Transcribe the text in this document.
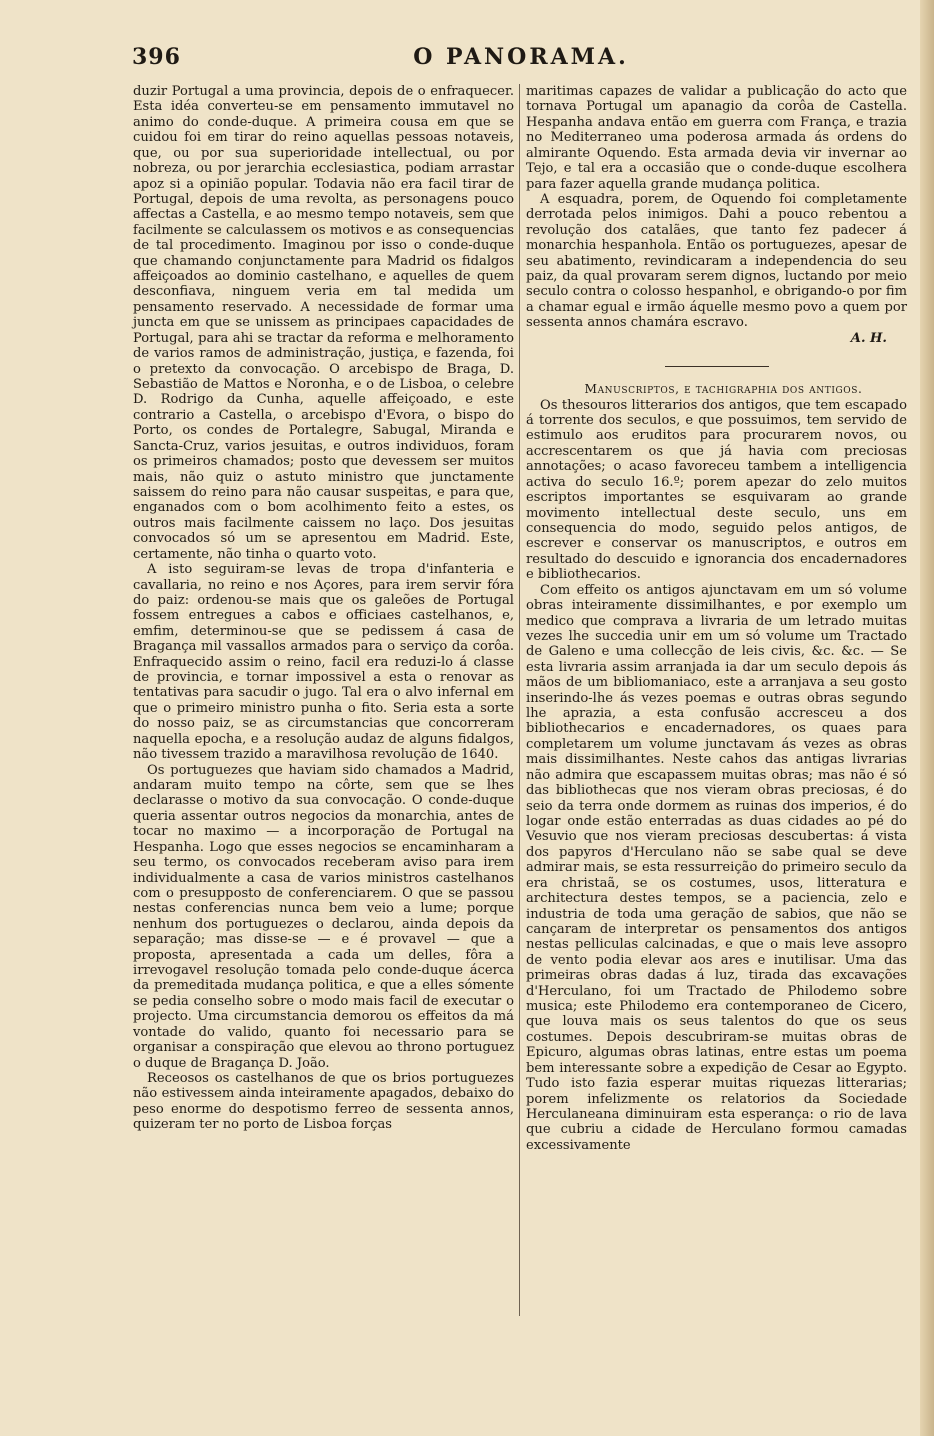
396	O PANORAMA.

duzir Portugal a uma provincia, depois de o enfraquecer. Esta idéa converteu-se em pensamento immutavel no animo do conde-duque. A primeira cousa em que se cuidou foi em tirar do reino aquellas pessoas notaveis, que, ou por sua superioridade intellectual, ou por nobreza, ou por jerarchia ecclesiastica, podiam arrastar apoz si a opinião popular. Todavia não era facil tirar de Portugal, depois de uma revolta, as personagens pouco affectas a Castella, e ao mesmo tempo notaveis, sem que facilmente se calculassem os motivos e as consequencias de tal procedimento. Imaginou por isso o conde-duque que chamando conjunctamente para Madrid os fidalgos affeiçoados ao dominio castelhano, e aquelles de quem desconfiava, ninguem veria em tal medida um pensamento reservado. A necessidade de formar uma juncta em que se unissem as principaes capacidades de Portugal, para ahi se tractar da reforma e melhoramento de varios ramos de administração, justiça, e fazenda, foi o pretexto da convocação. O arcebispo de Braga, D. Sebastião de Mattos e Noronha, e o de Lisboa, o celebre D. Rodrigo da Cunha, aquelle affeiçoado, e este contrario a Castella, o arcebispo d'Evora, o bispo do Porto, os condes de Portalegre, Sabugal, Miranda e Sancta-Cruz, varios jesuitas, e outros individuos, foram os primeiros chamados; posto que devessem ser muitos mais, não quiz o astuto ministro que junctamente saissem do reino para não causar suspeitas, e para que, enganados com o bom acolhimento feito a estes, os outros mais facilmente caissem no laço. Dos jesuitas convocados só um se apresentou em Madrid. Este, certamente, não tinha o quarto voto.

A isto seguiram-se levas de tropa d'infanteria e cavallaria, no reino e nos Açores, para irem servir fóra do paiz: ordenou-se mais que os galeões de Portugal fossem entregues a cabos e officiaes castelhanos, e, emfim, determinou-se que se pedissem á casa de Bragança mil vassallos armados para o serviço da corôa. Enfraquecido assim o reino, facil era reduzi-lo á classe de provincia, e tornar impossivel a esta o renovar as tentativas para sacudir o jugo. Tal era o alvo infernal em que o primeiro ministro punha o fito. Seria esta a sorte do nosso paiz, se as circumstancias que concorreram naquella epocha, e a resolução audaz de alguns fidalgos, não tivessem trazido a maravilhosa revolução de 1640.

Os portuguezes que haviam sido chamados a Madrid, andaram muito tempo na côrte, sem que se lhes declarasse o motivo da sua convocação. O conde-duque queria assentar outros negocios da monarchia, antes de tocar no maximo — a incorporação de Portugal na Hespanha. Logo que esses negocios se encaminharam a seu termo, os convocados receberam aviso para irem individualmente a casa de varios ministros castelhanos com o presupposto de conferenciarem. O que se passou nestas conferencias nunca bem veio a lume; porque nenhum dos portuguezes o declarou, ainda depois da separação; mas disse-se — e é provavel — que a proposta, apresentada a cada um delles, fôra a irrevogavel resolução tomada pelo conde-duque ácerca da premeditada mudança politica, e que a elles sómente se pedia conselho sobre o modo mais facil de executar o projecto. Uma circumstancia demorou os effeitos da má vontade do valido, quanto foi necessario para se organisar a conspiração que elevou ao throno portuguez o duque de Bragança D. João.

Receosos os castelhanos de que os brios portuguezes não estivessem ainda inteiramente apagados, debaixo do peso enorme do despotismo ferreo de sessenta annos, quizeram ter no porto de Lisboa forças

maritimas capazes de validar a publicação do acto que tornava Portugal um apanagio da corôa de Castella. Hespanha andava então em guerra com França, e trazia no Mediterraneo uma poderosa armada ás ordens do almirante Oquendo. Esta armada devia vir invernar ao Tejo, e tal era a occasião que o conde-duque escolhera para fazer aquella grande mudança politica.

A esquadra, porem, de Oquendo foi completamente derrotada pelos inimigos. Dahi a pouco rebentou a revolução dos catalães, que tanto fez padecer á monarchia hespanhola. Então os portuguezes, apesar de seu abatimento, revindicaram a independencia do seu paiz, da qual provaram serem dignos, luctando por meio seculo contra o colosso hespanhol, e obrigando-o por fim a chamar egual e irmão áquelle mesmo povo a quem por sessenta annos chamára escravo.

A. H.

Manuscriptos, e tachigraphia dos antigos.

Os thesouros litterarios dos antigos, que tem escapado á torrente dos seculos, e que possuimos, tem servido de estimulo aos eruditos para procurarem novos, ou accrescentarem os que já havia com preciosas annotações; o acaso favoreceu tambem a intelligencia activa do seculo 16.º; porem apezar do zelo muitos escriptos importantes se esquivaram ao grande movimento intellectual deste seculo, uns em consequencia do modo, seguido pelos antigos, de escrever e conservar os manuscriptos, e outros em resultado do descuido e ignorancia dos encadernadores e bibliothecarios.

Com effeito os antigos ajunctavam em um só volume obras inteiramente dissimilhantes, e por exemplo um medico que comprava a livraria de um letrado muitas vezes lhe succedia unir em um só volume um Tractado de Galeno e uma collecção de leis civis, &c. &c. — Se esta livraria assim arranjada ia dar um seculo depois ás mãos de um bibliomaniaco, este a arranjava a seu gosto inserindo-lhe ás vezes poemas e outras obras segundo lhe aprazia, a esta confusão accresceu a dos bibliothecarios e encadernadores, os quaes para completarem um volume junctavam ás vezes as obras mais dissimilhantes. Neste cahos das antigas livrarias não admira que escapassem muitas obras; mas não é só das bibliothecas que nos vieram obras preciosas, é do seio da terra onde dormem as ruinas dos imperios, é do logar onde estão enterradas as duas cidades ao pé do Vesuvio que nos vieram preciosas descubertas: á vista dos papyros d'Herculano não se sabe qual se deve admirar mais, se esta ressurreição do primeiro seculo da era christaã, se os costumes, usos, litteratura e architectura destes tempos, se a paciencia, zelo e industria de toda uma geração de sabios, que não se cançaram de interpretar os pensamentos dos antigos nestas pelliculas calcinadas, e que o mais leve assopro de vento podia elevar aos ares e inutilisar. Uma das primeiras obras dadas á luz, tirada das excavações d'Herculano, foi um Tractado de Philodemo sobre musica; este Philodemo era contemporaneo de Cicero, que louva mais os seus talentos do que os seus costumes. Depois descubriram-se muitas obras de Epicuro, algumas obras latinas, entre estas um poema bem interessante sobre a expedição de Cesar ao Egypto. Tudo isto fazia esperar muitas riquezas litterarias; porem infelizmente os relatorios da Sociedade Herculaneana diminuiram esta esperança: o rio de lava que cubriu a cidade de Herculano formou camadas excessivamente
